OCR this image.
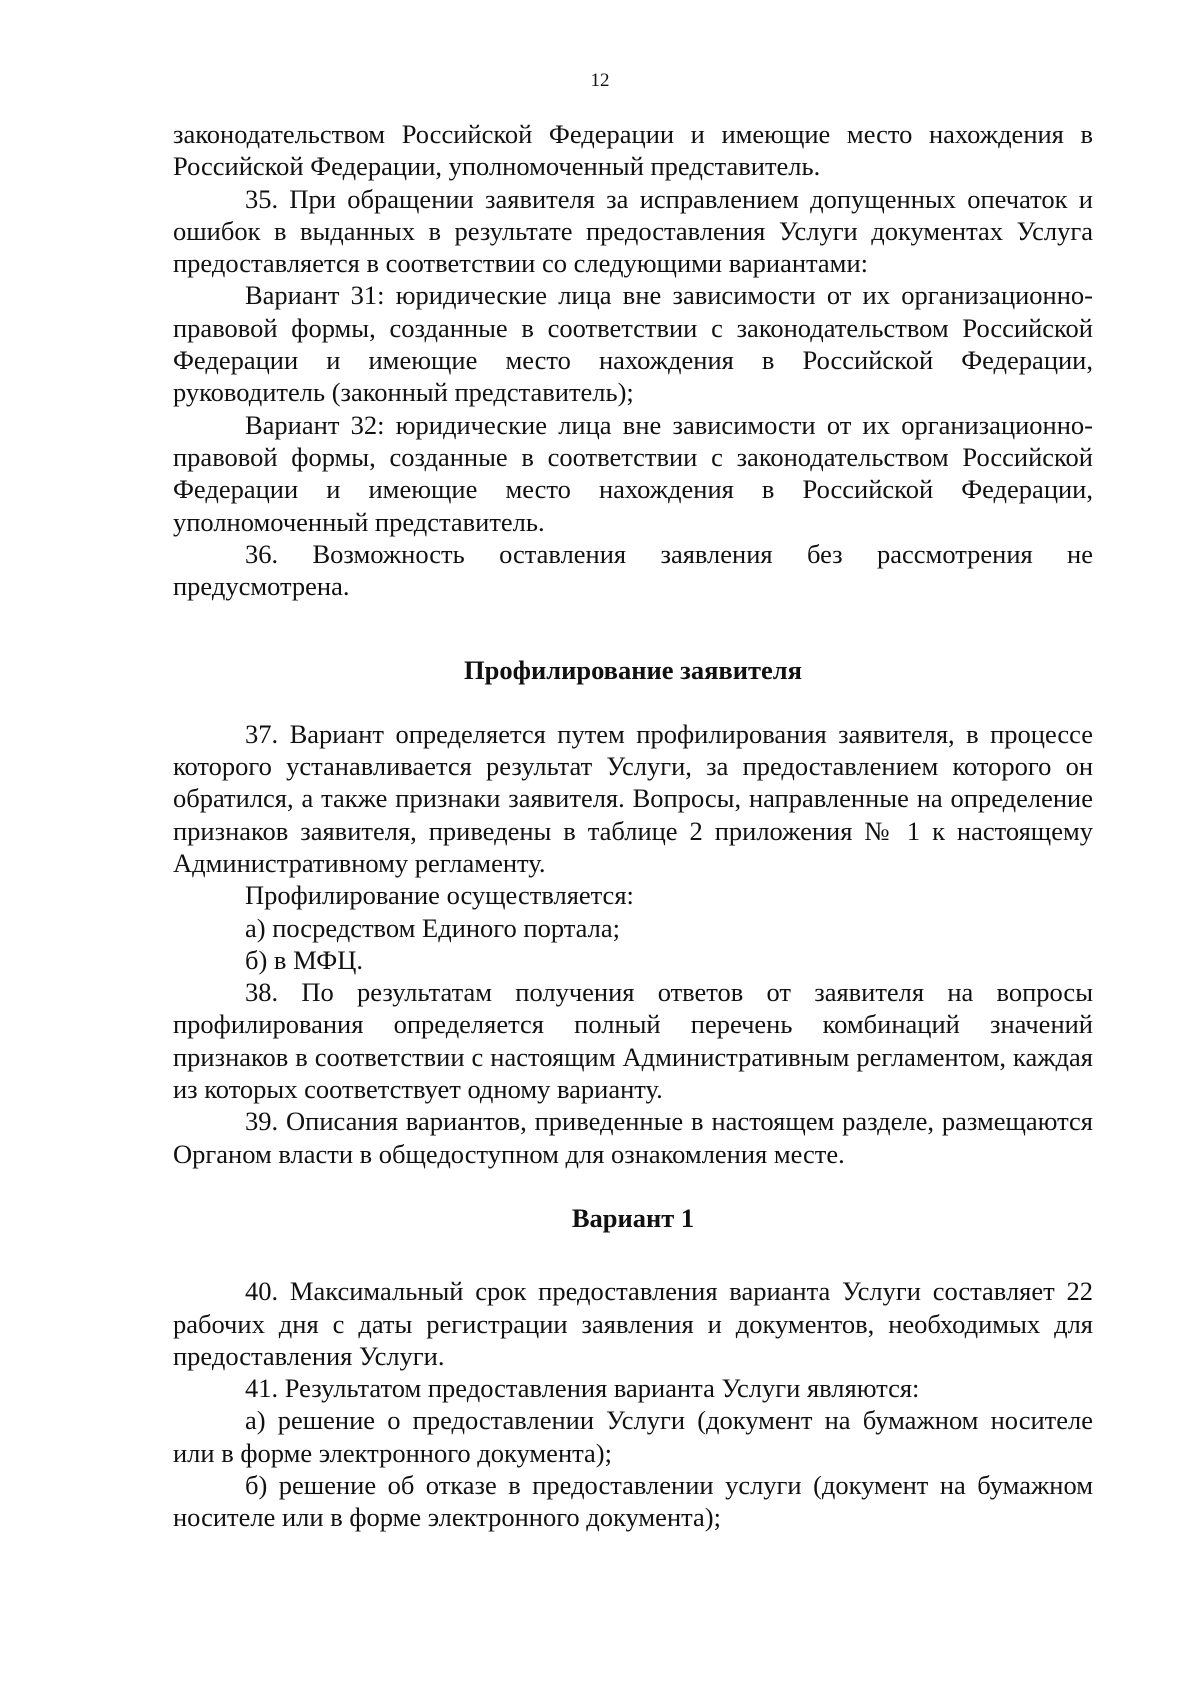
12

законодательством Российской Федерации и имеющие место нахождения в Российской Федерации, уполномоченный представитель.

35. При обращении заявителя за исправлением допущенных опечаток и ошибок в выданных в результате предоставления Услуги документах Услуга предоставляется в соответствии со следующими вариантами:

Вариант 31: юридические лица вне зависимости от их организационно-правовой формы, созданные в соответствии с законодательством Российской Федерации и имеющие место нахождения в Российской Федерации, руководитель (законный представитель);

Вариант 32: юридические лица вне зависимости от их организационно-правовой формы, созданные в соответствии с законодательством Российской Федерации и имеющие место нахождения в Российской Федерации, уполномоченный представитель.

36. Возможность оставления заявления без рассмотрения не предусмотрена.

Профилирование заявителя

37. Вариант определяется путем профилирования заявителя, в процессе которого устанавливается результат Услуги, за предоставлением которого он обратился, а также признаки заявителя. Вопросы, направленные на определение признаков заявителя, приведены в таблице 2 приложения № 1 к настоящему Административному регламенту.

Профилирование осуществляется:

а) посредством Единого портала;

б) в МФЦ.

38. По результатам получения ответов от заявителя на вопросы профилирования определяется полный перечень комбинаций значений признаков в соответствии с настоящим Административным регламентом, каждая из которых соответствует одному варианту.

39. Описания вариантов, приведенные в настоящем разделе, размещаются Органом власти в общедоступном для ознакомления месте.

Вариант 1

40. Максимальный срок предоставления варианта Услуги составляет 22 рабочих дня с даты регистрации заявления и документов, необходимых для предоставления Услуги.

41. Результатом предоставления варианта Услуги являются:

а) решение о предоставлении Услуги (документ на бумажном носителе или в форме электронного документа);

б) решение об отказе в предоставлении услуги (документ на бумажном носителе или в форме электронного документа);
